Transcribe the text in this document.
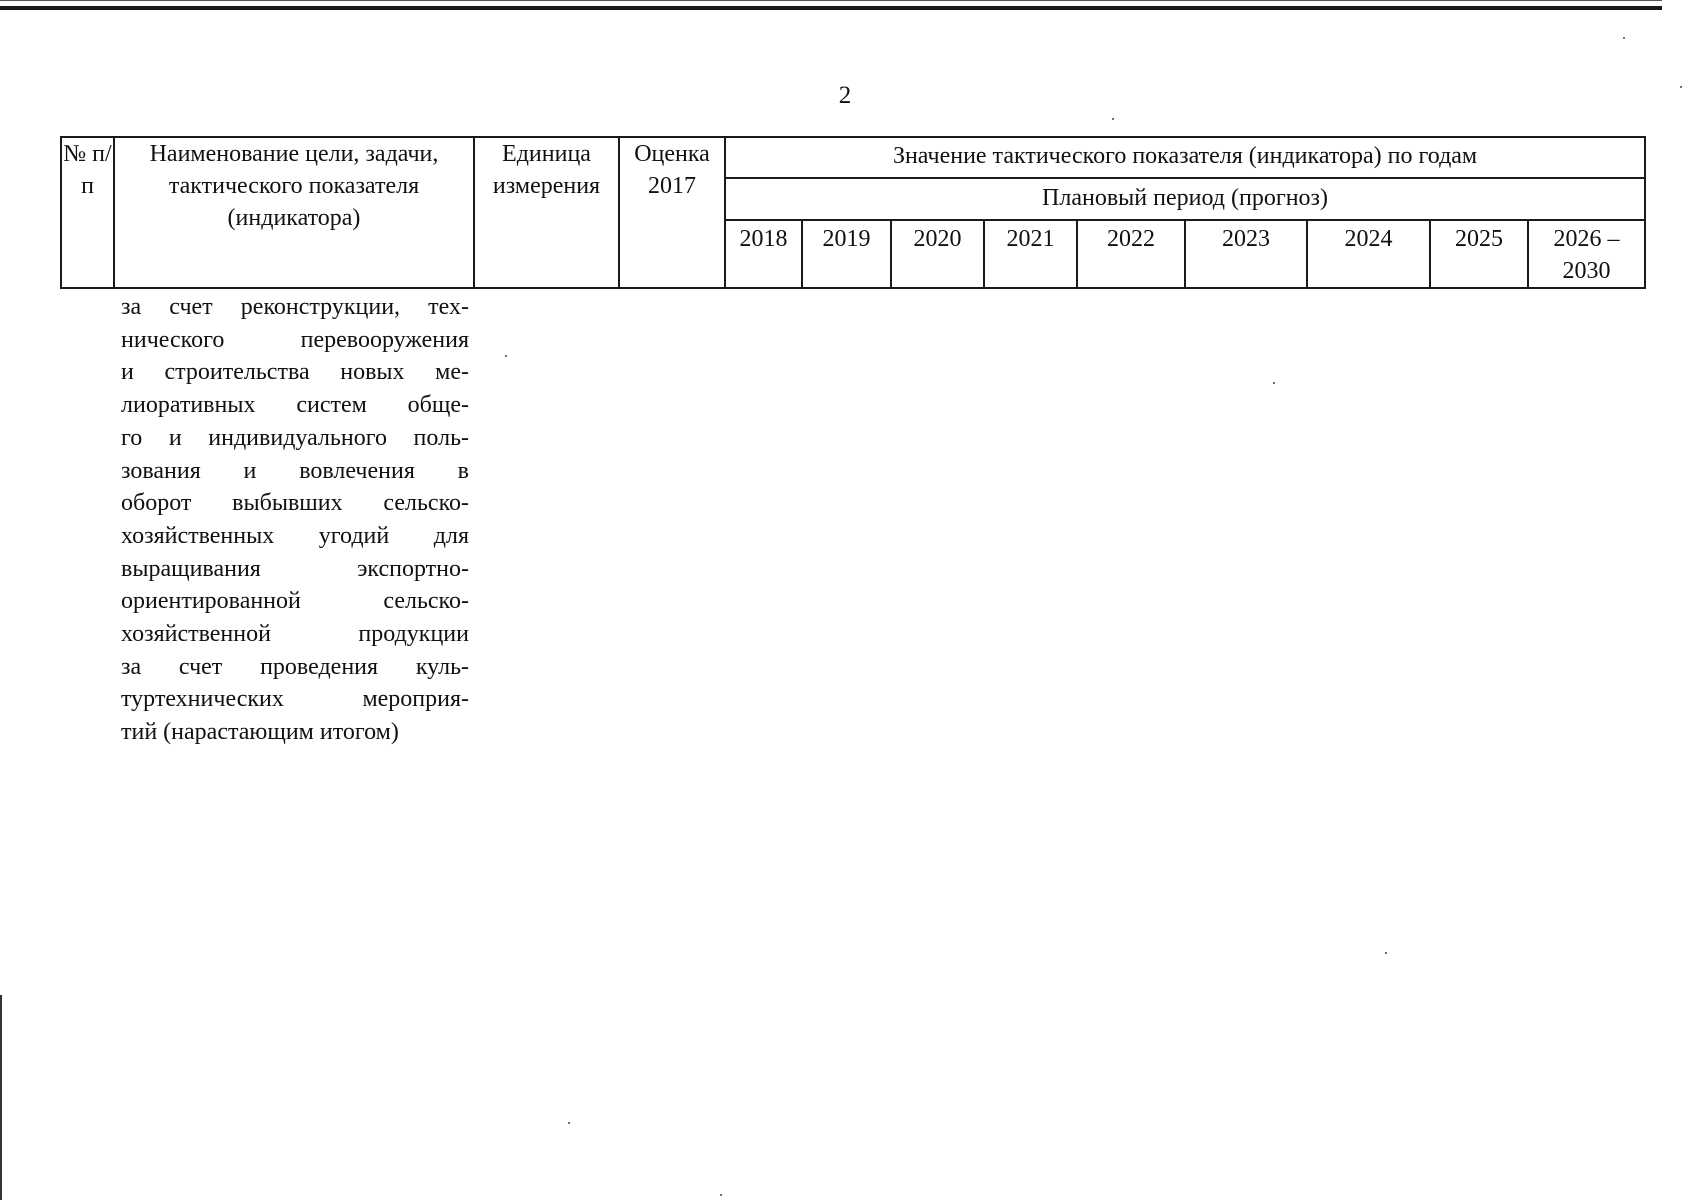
2
№ п/п	Наименование цели, задачи, тактического показателя (индикатора)	Единица измерения	Оценка 2017	Значение тактического показателя (индикатора) по годам								
				Плановый период (прогноз)								
				2018	2019	2020	2021	2022	2023	2024	2025	2026 – 2030
за счет реконструкции, тех-
нического перевооружения
и строительства новых ме-
лиоративных систем обще-
го и индивидуального поль-
зования и вовлечения в
оборот выбывших сельско-
хозяйственных угодий для
выращивания экспортно-
ориентированной сельско-
хозяйственной продукции
за счет проведения куль-
туртехнических мероприя-
тий (нарастающим итогом)
